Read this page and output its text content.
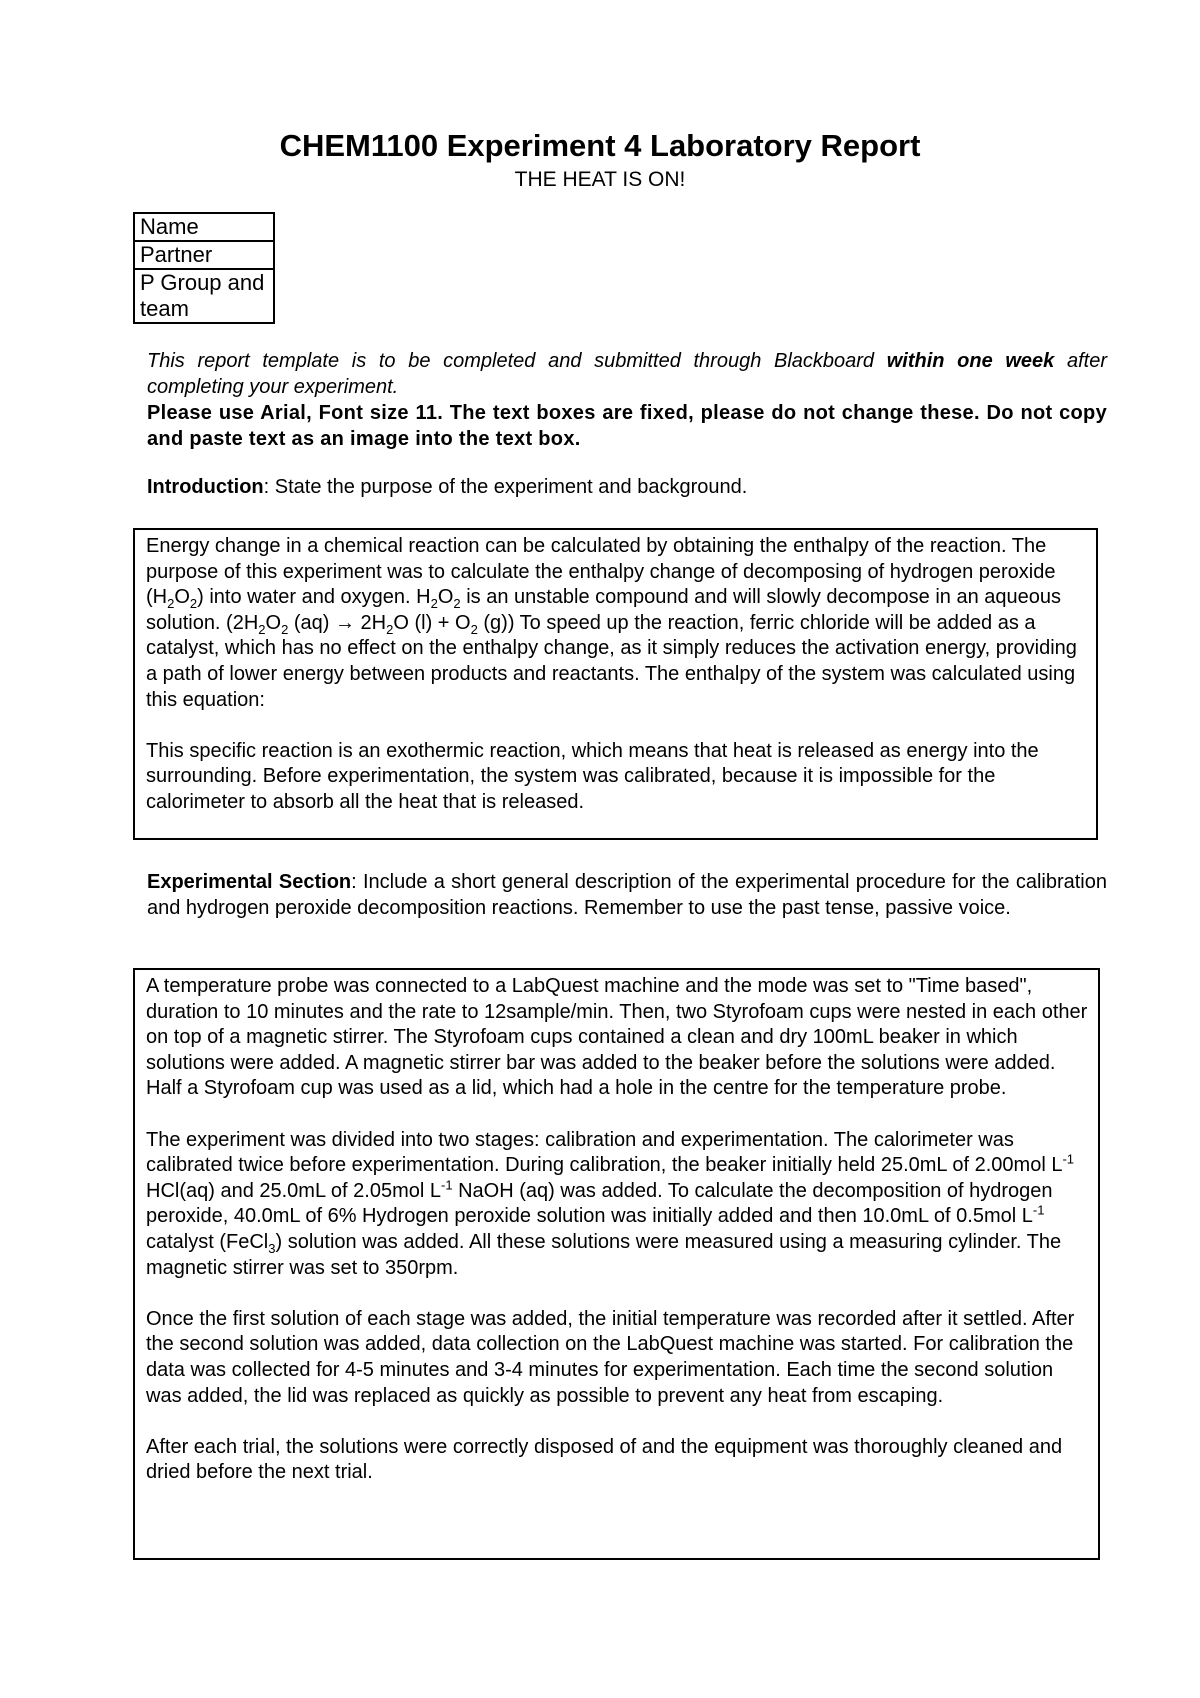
CHEM1100 Experiment 4 Laboratory Report
THE HEAT IS ON!
Name
Partner
P Group and team
This report template is to be completed and submitted through Blackboard within one week after completing your experiment.
Please use Arial, Font size 11. The text boxes are fixed, please do not change these. Do not copy and paste text as an image into the text box.
Introduction: State the purpose of the experiment and background.

Energy change in a chemical reaction can be calculated by obtaining the enthalpy of the reaction. The purpose of this experiment was to calculate the enthalpy change of decomposing of hydrogen peroxide $(H_2O_2)$ into water and oxygen. $H_2O_2$ is an unstable compound and will slowly decompose in an aqueous solution. ($2H_2O_2$ $(aq) \to 2H_2O$ $(l) + O_2$ (g)) To speed up the reaction, ferric chloride will be added as a catalyst, which has no effect on the enthalpy change, as it simply reduces the activation energy, providing a path of lower energy between products and reactants. The enthalpy of the system was calculated using this equation:

This specific reaction is an exothermic reaction, which means that heat is released as energy into the surrounding. Before experimentation, the system was calibrated, because it is impossible for the calorimeter to absorb all the heat that is released.

Experimental Section: Include a short general description of the experimental procedure for the calibration and hydrogen peroxide decomposition reactions. Remember to use the past tense, passive voice.

A temperature probe was connected to a LabQuest machine and the mode was set to "Time based", duration to 10 minutes and the rate to 12sample/min. Then, two Styrofoam cups were nested in each other on top of a magnetic stirrer. The Styrofoam cups contained a clean and dry 100mL beaker in which solutions were added. A magnetic stirrer bar was added to the beaker before the solutions were added. Half a Styrofoam cup was used as a lid, which had a hole in the centre for the temperature probe.

The experiment was divided into two stages: calibration and experimentation. The calorimeter was calibrated twice before experimentation. During calibration, the beaker initially held 25.0mL of 2.00mol $L^{-1}$ HCl(aq) and 25.0mL of 2.05mol $L^{-1}$ NaOH (aq) was added. To calculate the decomposition of hydrogen peroxide, 40.0mL of 6% Hydrogen peroxide solution was initially added and then 10.0mL of 0.5mol $L^{-1}$ catalyst (FeCl$_3$) solution was added. All these solutions were measured using a measuring cylinder. The magnetic stirrer was set to 350rpm.

Once the first solution of each stage was added, the initial temperature was recorded after it settled. After the second solution was added, data collection on the LabQuest machine was started. For calibration the data was collected for 4-5 minutes and 3-4 minutes for experimentation. Each time the second solution was added, the lid was replaced as quickly as possible to prevent any heat from escaping.

After each trial, the solutions were correctly disposed of and the equipment was thoroughly cleaned and dried before the next trial.
